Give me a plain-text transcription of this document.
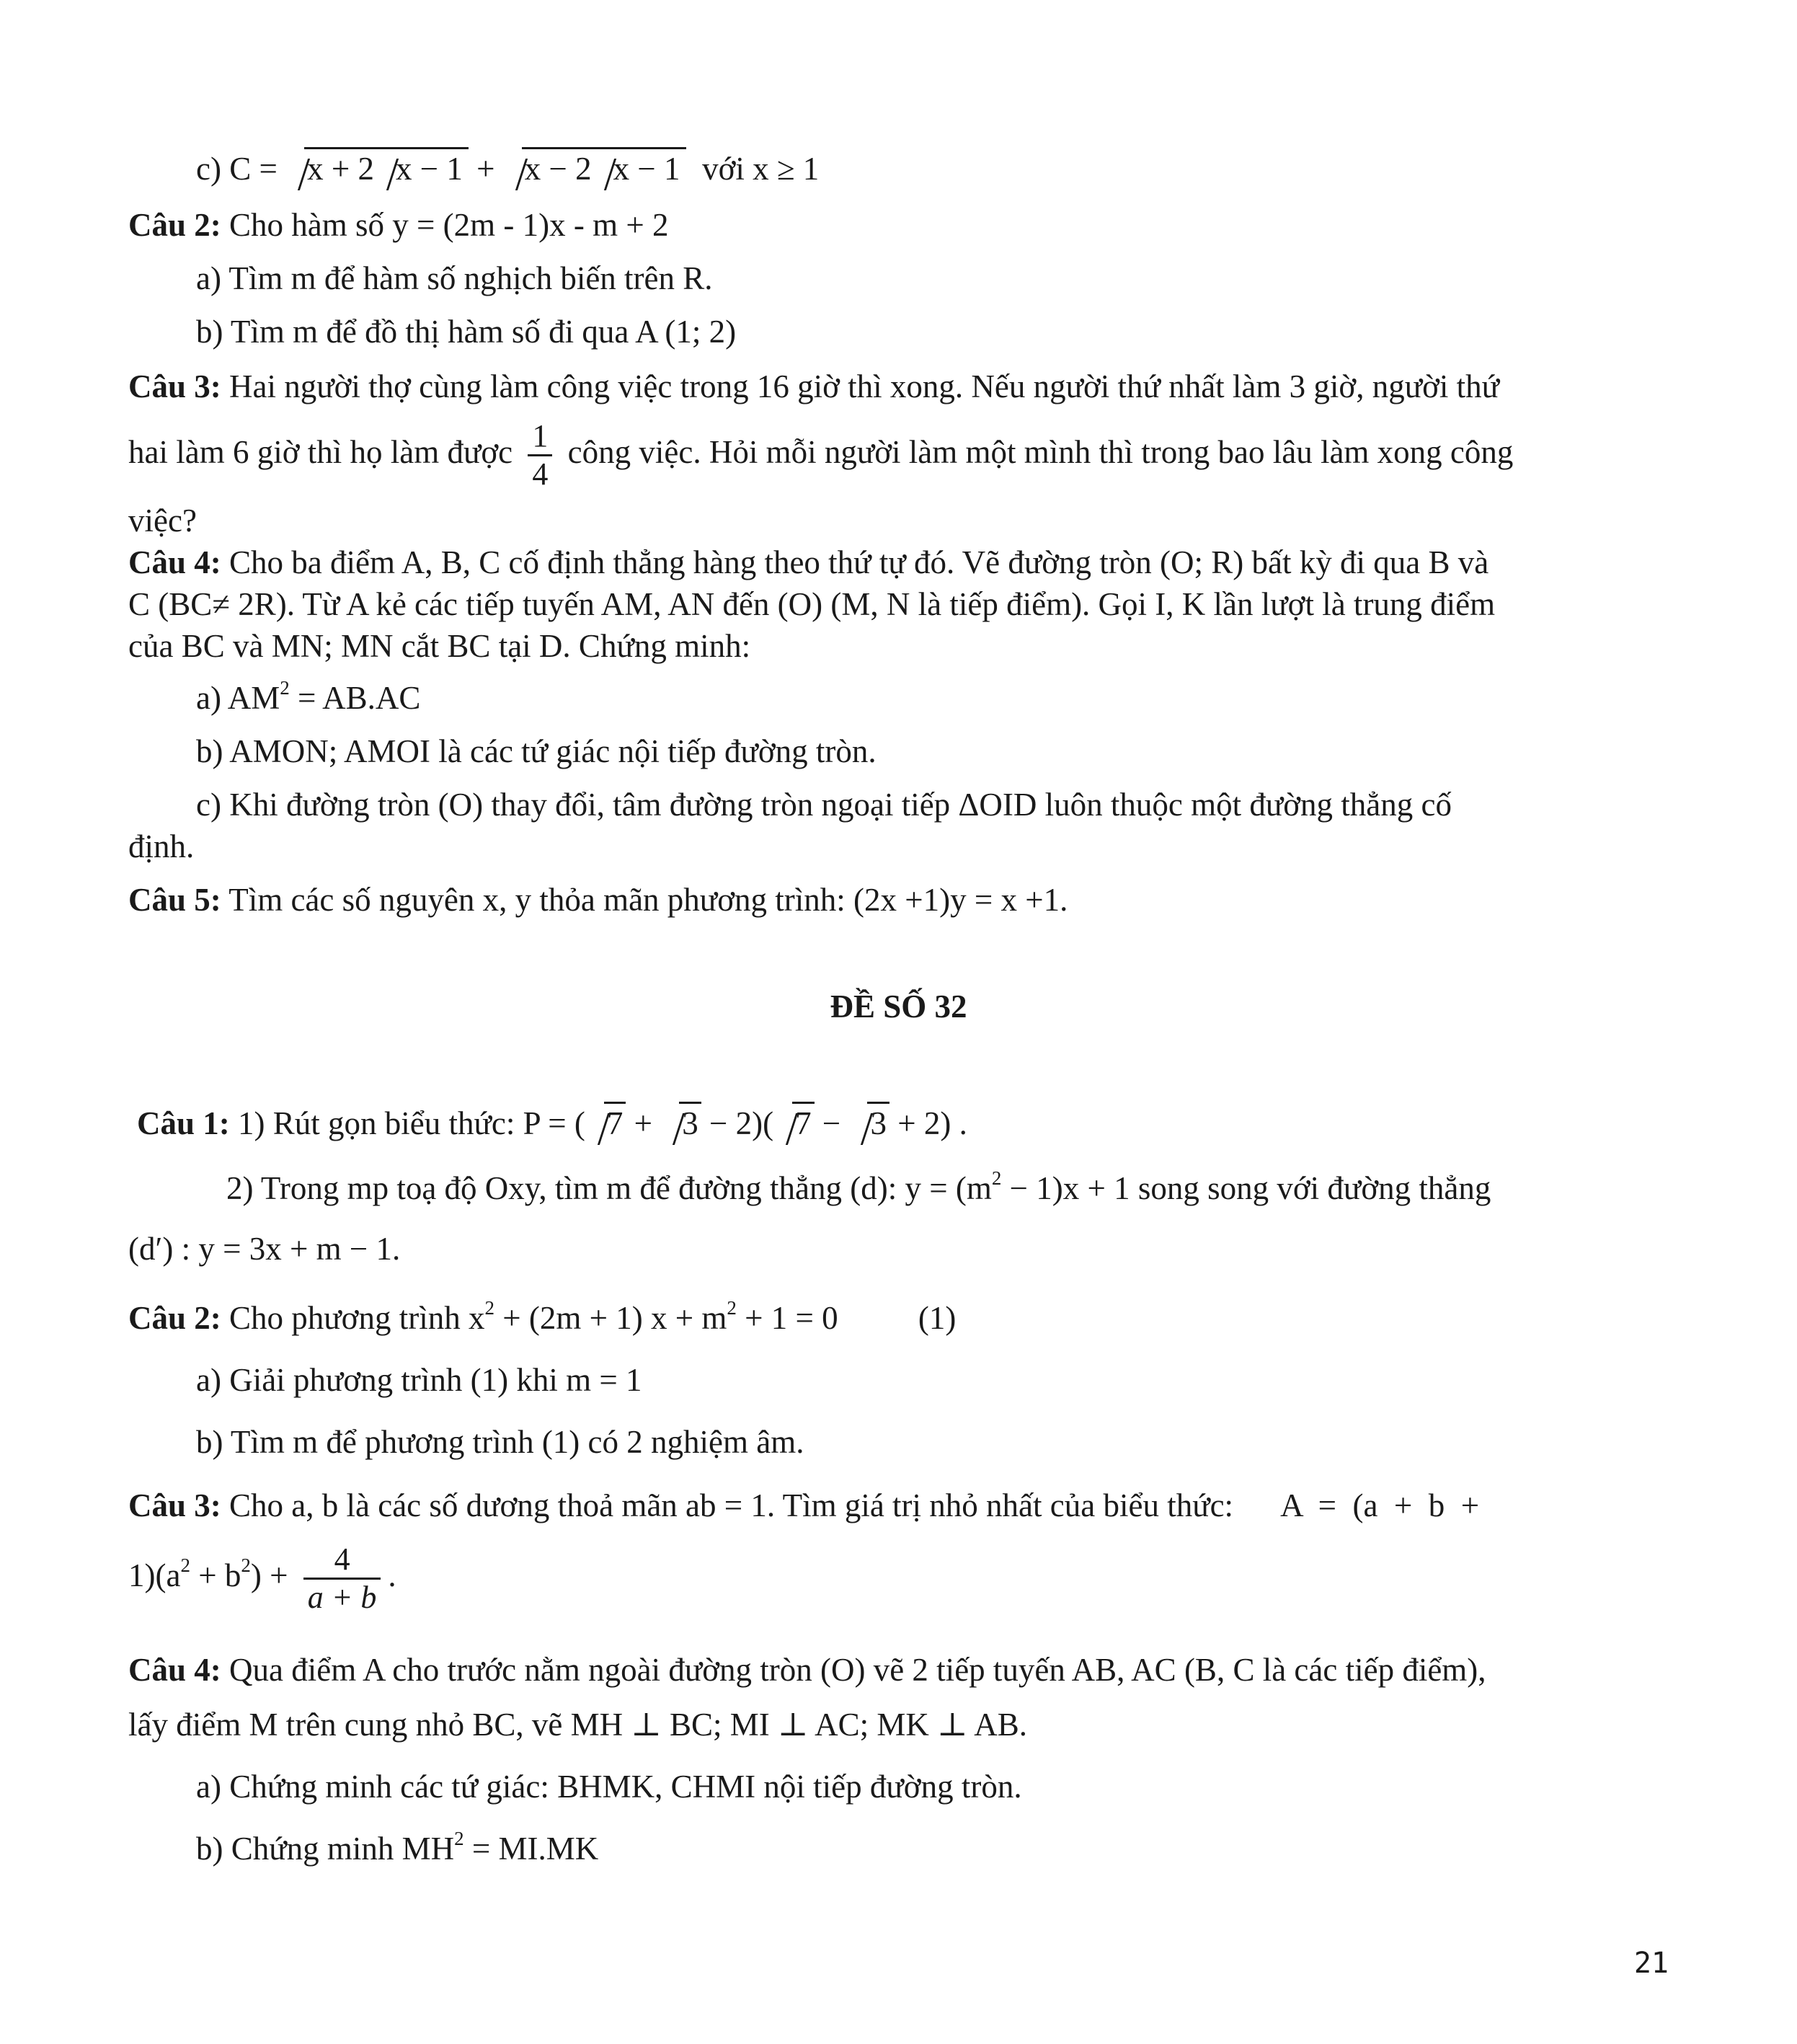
c) C = x + 2 x − 1 + x − 2 x − 1 với x ≥ 1
Câu 2: Cho hàm số y = (2m - 1)x - m + 2
a) Tìm m để hàm số nghịch biến trên R.
b) Tìm m để đồ thị hàm số đi qua A (1; 2)
Câu 3: Hai người thợ cùng làm công việc trong 16 giờ thì xong. Nếu người thứ nhất làm 3 giờ, người thứ
hai làm 6 giờ thì họ làm được $\frac{1}{4}$ công việc. Hỏi mỗi người làm một mình thì trong bao lâu làm xong công
việc?
Câu 4: Cho ba điểm A, B, C cố định thẳng hàng theo thứ tự đó. Vẽ đường tròn (O; R) bất kỳ đi qua B và
C (BC≠ 2R). Từ A kẻ các tiếp tuyến AM, AN đến (O) (M, N là tiếp điểm). Gọi I, K lần lượt là trung điểm
của BC và MN; MN cắt BC tại D. Chứng minh:
a) $AM^2 = AB.AC$
b) AMON; AMOI là các tứ giác nội tiếp đường tròn.
c) Khi đường tròn (O) thay đổi, tâm đường tròn ngoại tiếp ΔOID luôn thuộc một đường thẳng cố
định.
Câu 5: Tìm các số nguyên x, y thỏa mãn phương trình: (2x +1)y = x +1.
ĐỀ SỐ 32
Câu 1: 1) Rút gọn biểu thức: P = ( 7 + 3 − 2)( 7 − 3 + 2) .
2) Trong mp toạ độ Oxy, tìm m để đường thẳng (d): $y = (m^2 - 1)x + 1$ song song với đường thẳng
(d′) : y = 3x + m − 1.
Câu 2: Cho phương trình $x^2 + (2m + 1) x + m^2 + 1 = 0$ (1)
a) Giải phương trình (1) khi m = 1
b) Tìm m để phương trình (1) có 2 nghiệm âm.
Câu 3: Cho a, b là các số dương thoả mãn ab = 1. Tìm giá trị nhỏ nhất của biểu thức:      A  =  (a  +  b  +
$1)(a^2 + b^2) + \frac{4}{a + b}$ .
Câu 4: Qua điểm A cho trước nằm ngoài đường tròn (O) vẽ 2 tiếp tuyến AB, AC (B, C là các tiếp điểm),
lấy điểm M trên cung nhỏ BC, vẽ MH ⊥ BC; MI ⊥ AC; MK ⊥ AB.
a) Chứng minh các tứ giác: BHMK, CHMI nội tiếp đường tròn.
b) Chứng minh $MH^2 = MI.MK$
21
